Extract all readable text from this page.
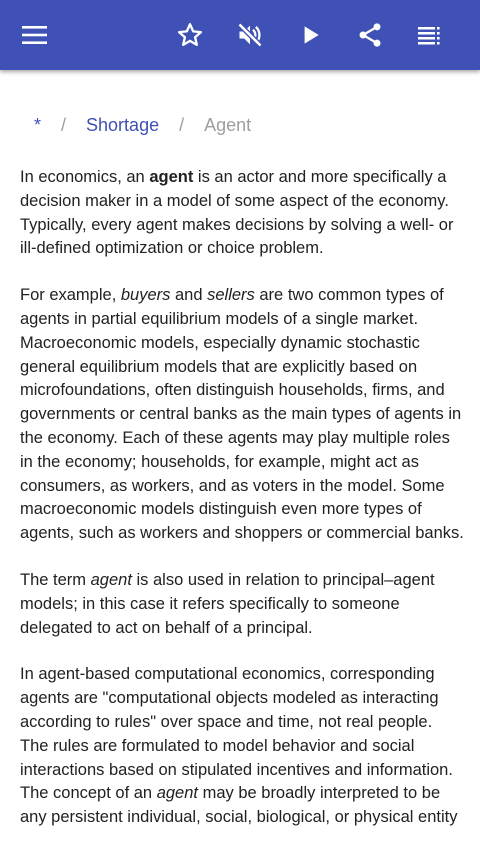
* / Shortage / Agent

In economics, an agent is an actor and more specifically a decision maker in a model of some aspect of the economy. Typically, every agent makes decisions by solving a well- or ill-defined optimization or choice problem.

For example, buyers and sellers are two common types of agents in partial equilibrium models of a single market. Macroeconomic models, especially dynamic stochastic general equilibrium models that are explicitly based on microfoundations, often distinguish households, firms, and governments or central banks as the main types of agents in the economy. Each of these agents may play multiple roles in the economy; households, for example, might act as consumers, as workers, and as voters in the model. Some macroeconomic models distinguish even more types of agents, such as workers and shoppers or commercial banks.

The term agent is also used in relation to principal–agent models; in this case it refers specifically to someone delegated to act on behalf of a principal.

In agent-based computational economics, corresponding agents are "computational objects modeled as interacting according to rules" over space and time, not real people. The rules are formulated to model behavior and social interactions based on stipulated incentives and information. The concept of an agent may be broadly interpreted to be any persistent individual, social, biological, or physical entity
